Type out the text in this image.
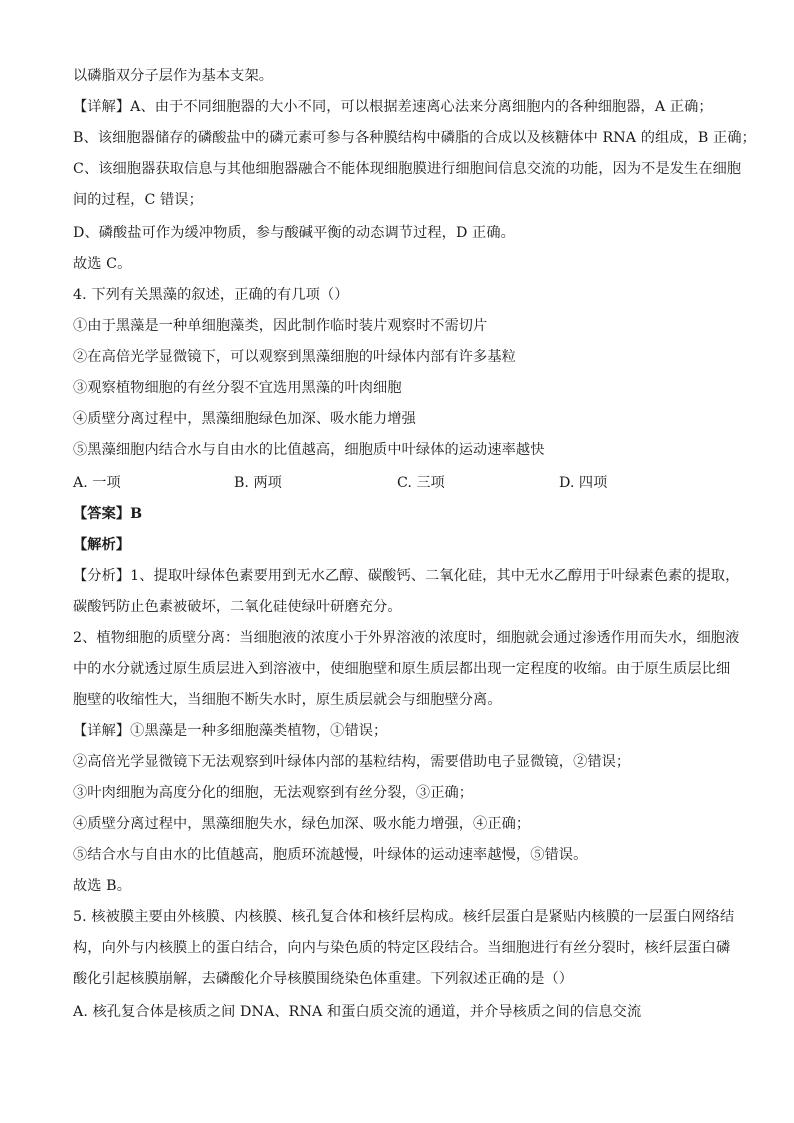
以磷脂双分子层作为基本支架。
【详解】A、由于不同细胞器的大小不同，可以根据差速离心法来分离细胞内的各种细胞器，A 正确；
B、该细胞器储存的磷酸盐中的磷元素可参与各种膜结构中磷脂的合成以及核糖体中 RNA 的组成，B 正确；
C、该细胞器获取信息与其他细胞器融合不能体现细胞膜进行细胞间信息交流的功能，因为不是发生在细胞
间的过程，C 错误；
D、磷酸盐可作为缓冲物质，参与酸碱平衡的动态调节过程，D 正确。
故选 C。
4. 下列有关黑藻的叙述，正确的有几项（）
①由于黑藻是一种单细胞藻类，因此制作临时装片观察时不需切片
②在高倍光学显微镜下，可以观察到黑藻细胞的叶绿体内部有许多基粒
③观察植物细胞的有丝分裂不宜选用黑藻的叶肉细胞
④质壁分离过程中，黑藻细胞绿色加深、吸水能力增强
⑤黑藻细胞内结合水与自由水的比值越高，细胞质中叶绿体的运动速率越快
A. 一项	B. 两项	C. 三项	D. 四项
【答案】B
【解析】
【分析】1、提取叶绿体色素要用到无水乙醇、碳酸钙、二氧化硅，其中无水乙醇用于叶绿素色素的提取，
碳酸钙防止色素被破坏，二氧化硅使绿叶研磨充分。
2、植物细胞的质壁分离：当细胞液的浓度小于外界溶液的浓度时，细胞就会通过渗透作用而失水，细胞液
中的水分就透过原生质层进入到溶液中，使细胞壁和原生质层都出现一定程度的收缩。由于原生质层比细
胞壁的收缩性大，当细胞不断失水时，原生质层就会与细胞壁分离。
【详解】①黑藻是一种多细胞藻类植物，①错误；
②高倍光学显微镜下无法观察到叶绿体内部的基粒结构，需要借助电子显微镜，②错误；
③叶肉细胞为高度分化的细胞，无法观察到有丝分裂，③正确；
④质壁分离过程中，黑藻细胞失水，绿色加深、吸水能力增强，④正确；
⑤结合水与自由水的比值越高，胞质环流越慢，叶绿体的运动速率越慢，⑤错误。
故选 B。
5. 核被膜主要由外核膜、内核膜、核孔复合体和核纤层构成。核纤层蛋白是紧贴内核膜的一层蛋白网络结
构，向外与内核膜上的蛋白结合，向内与染色质的特定区段结合。当细胞进行有丝分裂时，核纤层蛋白磷
酸化引起核膜崩解，去磷酸化介导核膜围绕染色体重建。下列叙述正确的是（）
A. 核孔复合体是核质之间 DNA、RNA 和蛋白质交流的通道，并介导核质之间的信息交流
